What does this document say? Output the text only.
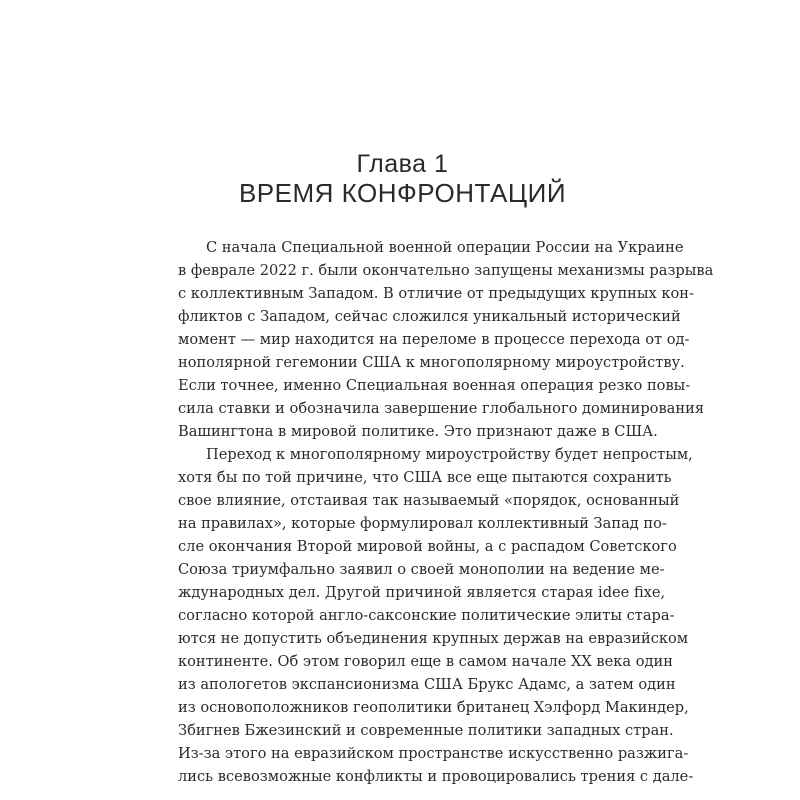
Глава 1
ВРЕМЯ КОНФРОНТАЦИЙ
С начала Специальной военной операции России на Украине
в феврале 2022 г. были окончательно запущены механизмы разрыва
с коллективным Западом. В отличие от предыдущих крупных кон-
фликтов с Западом, сейчас сложился уникальный исторический
момент — мир находится на переломе в процессе перехода от од-
нополярной гегемонии США к многополярному мироустройству.
Если точнее, именно Специальная военная операция резко повы-
сила ставки и обозначила завершение глобального доминирования
Вашингтона в мировой политике. Это признают даже в США.
Переход к многополярному мироустройству будет непростым,
хотя бы по той причине, что США все еще пытаются сохранить
свое влияние, отстаивая так называемый «порядок, основанный
на правилах», которые формулировал коллективный Запад по-
сле окончания Второй мировой войны, а с распадом Советского
Союза триумфально заявил о своей монополии на ведение ме-
ждународных дел. Другой причиной является старая idee fixe,
согласно которой англо-саксонские политические элиты стара-
ются не допустить объединения крупных держав на евразийском
континенте. Об этом говорил еще в самом начале XX века один
из апологетов экспансионизма США Брукс Адамс, а затем один
из основоположников геополитики британец Хэлфорд Макиндер,
Збигнев Бжезинский и современные политики западных стран.
Из-за этого на евразийском пространстве искусственно разжига-
лись всевозможные конфликты и провоцировались трения с дале-
